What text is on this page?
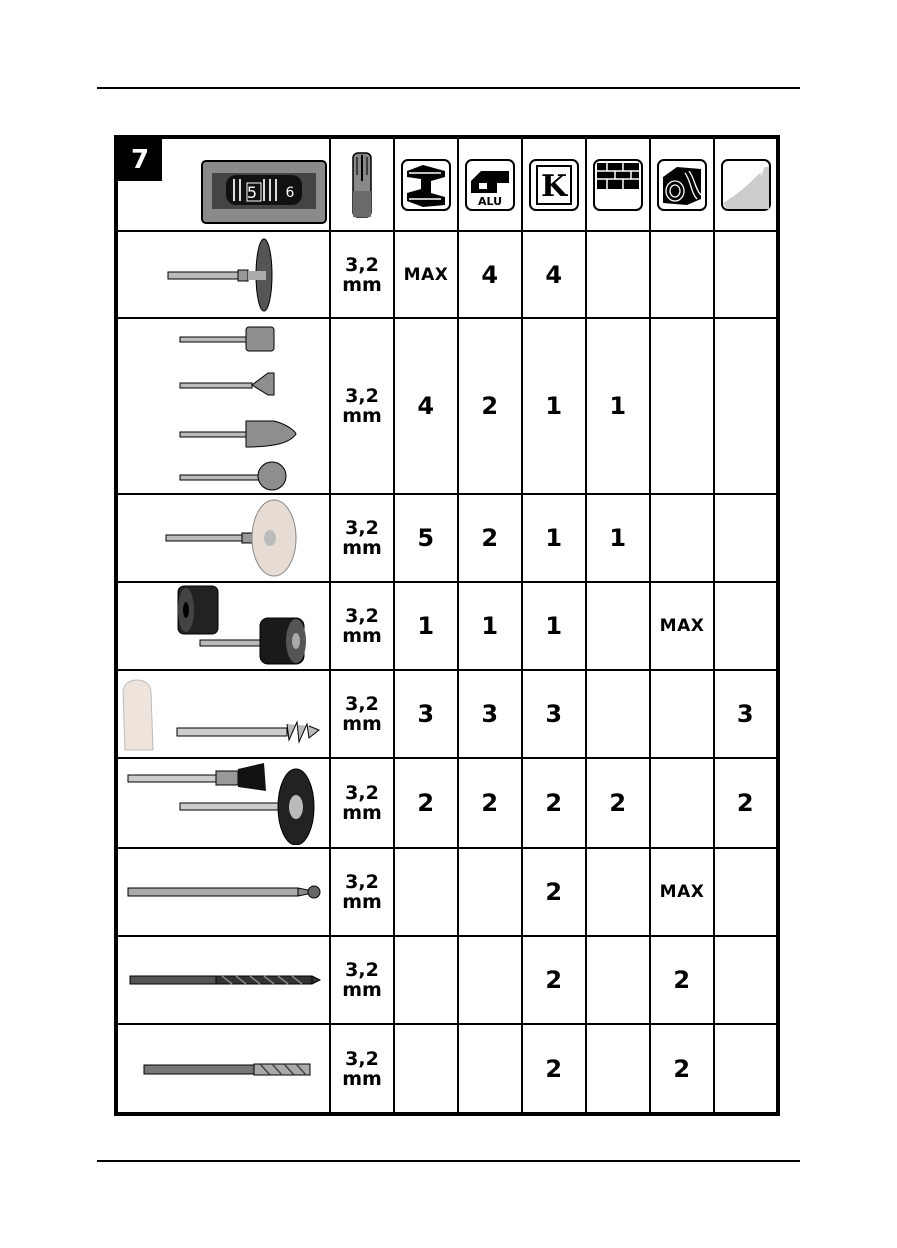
7
5 6			ALU	K

3,2
mm	MAX	4	4			

3,2
mm	4	2	1	1		

3,2
mm	5	2	1	1		

3,2
mm	1	1	1		MAX	

3,2
mm	3	3	3			3

3,2
mm	2	2	2	2		2

3,2
mm			2		MAX	

3,2
mm			2		2	

3,2
mm			2		2	
